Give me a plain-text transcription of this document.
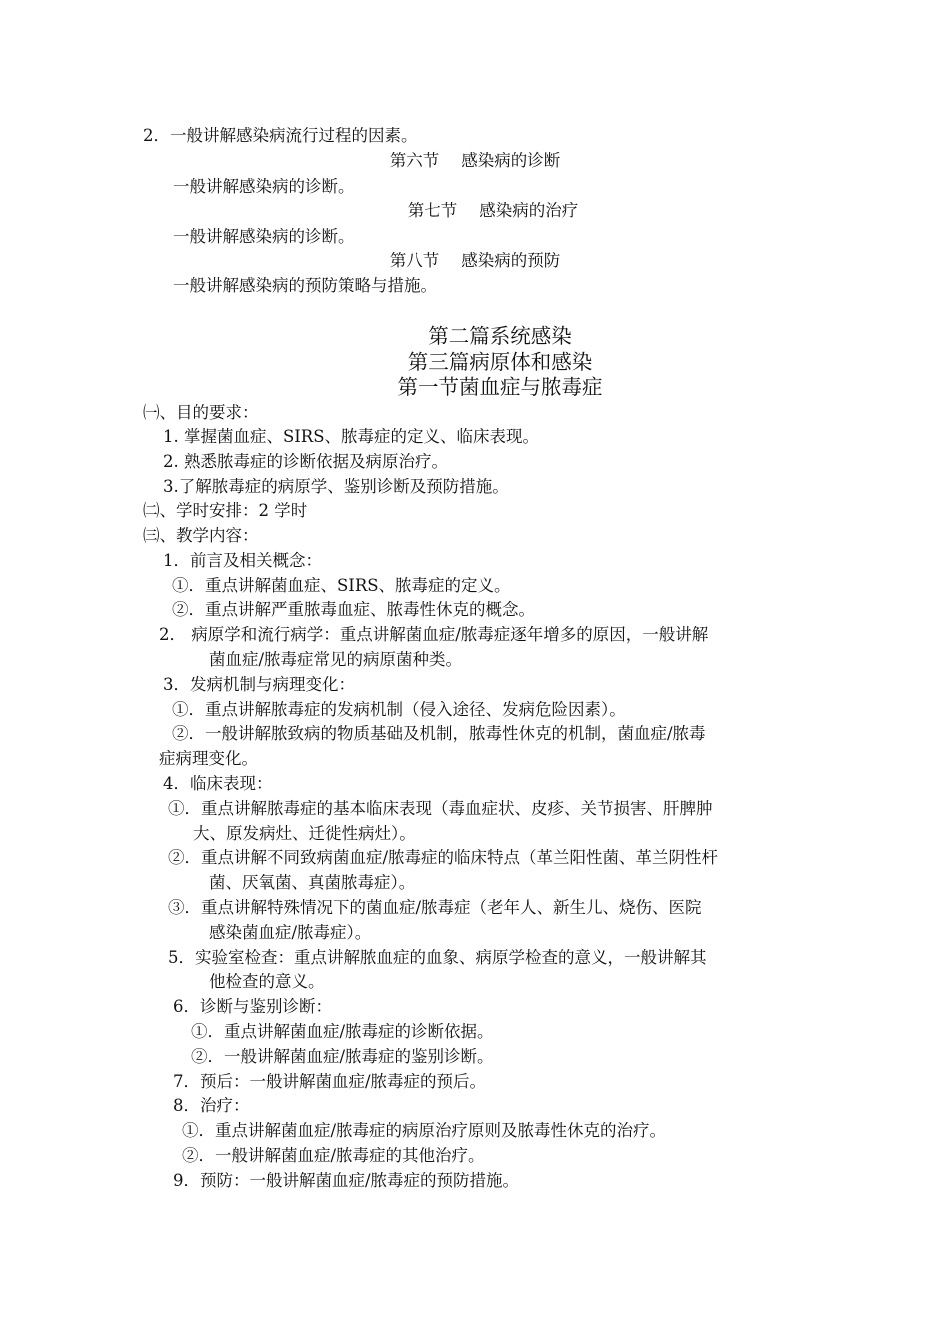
2．一般讲解感染病流行过程的因素。
第六节 感染病的诊断
一般讲解感染病的诊断。
第七节 感染病的治疗
一般讲解感染病的诊断。
第八节 感染病的预防
一般讲解感染病的预防策略与措施。
第二篇系统感染
第三篇病原体和感染
第一节菌血症与脓毒症
㈠、目的要求：
1. 掌握菌血症、SIRS、脓毒症的定义、临床表现。
2. 熟悉脓毒症的诊断依据及病原治疗。
3.了解脓毒症的病原学、鉴别诊断及预防措施。
㈡、学时安排：2 学时
㈢、教学内容：
1．前言及相关概念：
①．重点讲解菌血症、SIRS、脓毒症的定义。
②．重点讲解严重脓毒血症、脓毒性休克的概念。
2． 病原学和流行病学：重点讲解菌血症/脓毒症逐年增多的原因，一般讲解
菌血症/脓毒症常见的病原菌种类。
3．发病机制与病理变化：
①．重点讲解脓毒症的发病机制（侵入途径、发病危险因素）。
②．一般讲解脓致病的物质基础及机制，脓毒性休克的机制，菌血症/脓毒
症病理变化。
4．临床表现：
①．重点讲解脓毒症的基本临床表现（毒血症状、皮疹、关节损害、肝脾肿
大、原发病灶、迁徙性病灶）。
②．重点讲解不同致病菌血症/脓毒症的临床特点（革兰阳性菌、革兰阴性杆
菌、厌氧菌、真菌脓毒症）。
③．重点讲解特殊情况下的菌血症/脓毒症（老年人、新生儿、烧伤、医院
感染菌血症/脓毒症）。
5．实验室检查：重点讲解脓血症的血象、病原学检查的意义，一般讲解其
他检查的意义。
6．诊断与鉴别诊断：
①．重点讲解菌血症/脓毒症的诊断依据。
②．一般讲解菌血症/脓毒症的鉴别诊断。
7．预后：一般讲解菌血症/脓毒症的预后。
8．治疗：
①．重点讲解菌血症/脓毒症的病原治疗原则及脓毒性休克的治疗。
②．一般讲解菌血症/脓毒症的其他治疗。
9．预防：一般讲解菌血症/脓毒症的预防措施。
